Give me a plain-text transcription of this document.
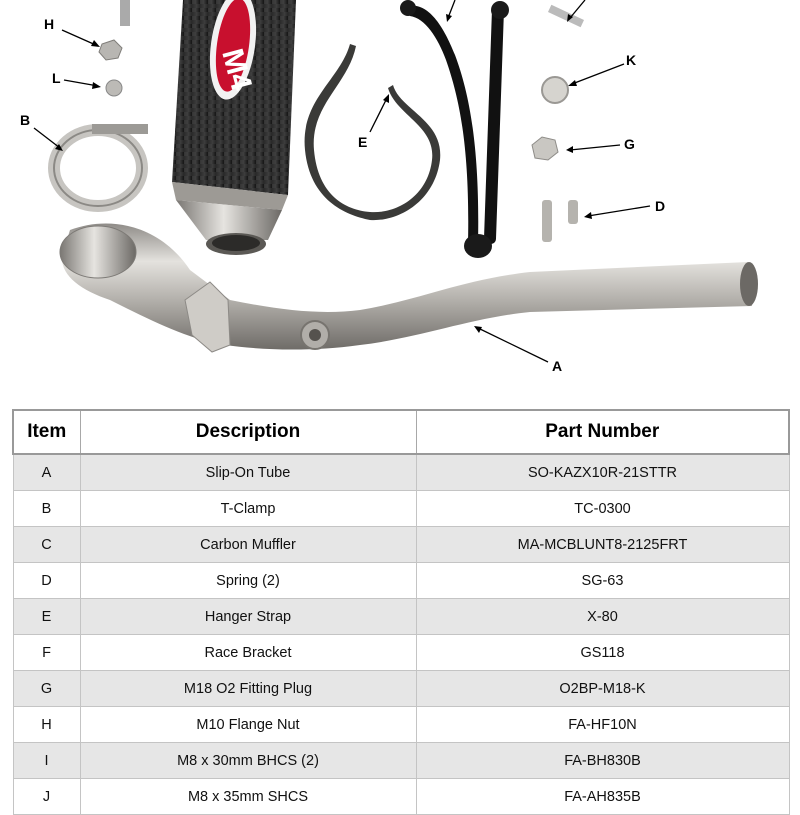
M4
H
L
B
E
K
G
D
A
Item	Description	Part Number
A	Slip-On Tube	SO-KAZX10R-21STTR
B	T-Clamp	TC-0300
C	Carbon Muffler	MA-MCBLUNT8-2125FRT
D	Spring (2)	SG-63
E	Hanger Strap	X-80
F	Race Bracket	GS118
G	M18 O2 Fitting Plug	O2BP-M18-K
H	M10 Flange Nut	FA-HF10N
I	M8 x 30mm BHCS (2)	FA-BH830B
J	M8 x 35mm SHCS	FA-AH835B
